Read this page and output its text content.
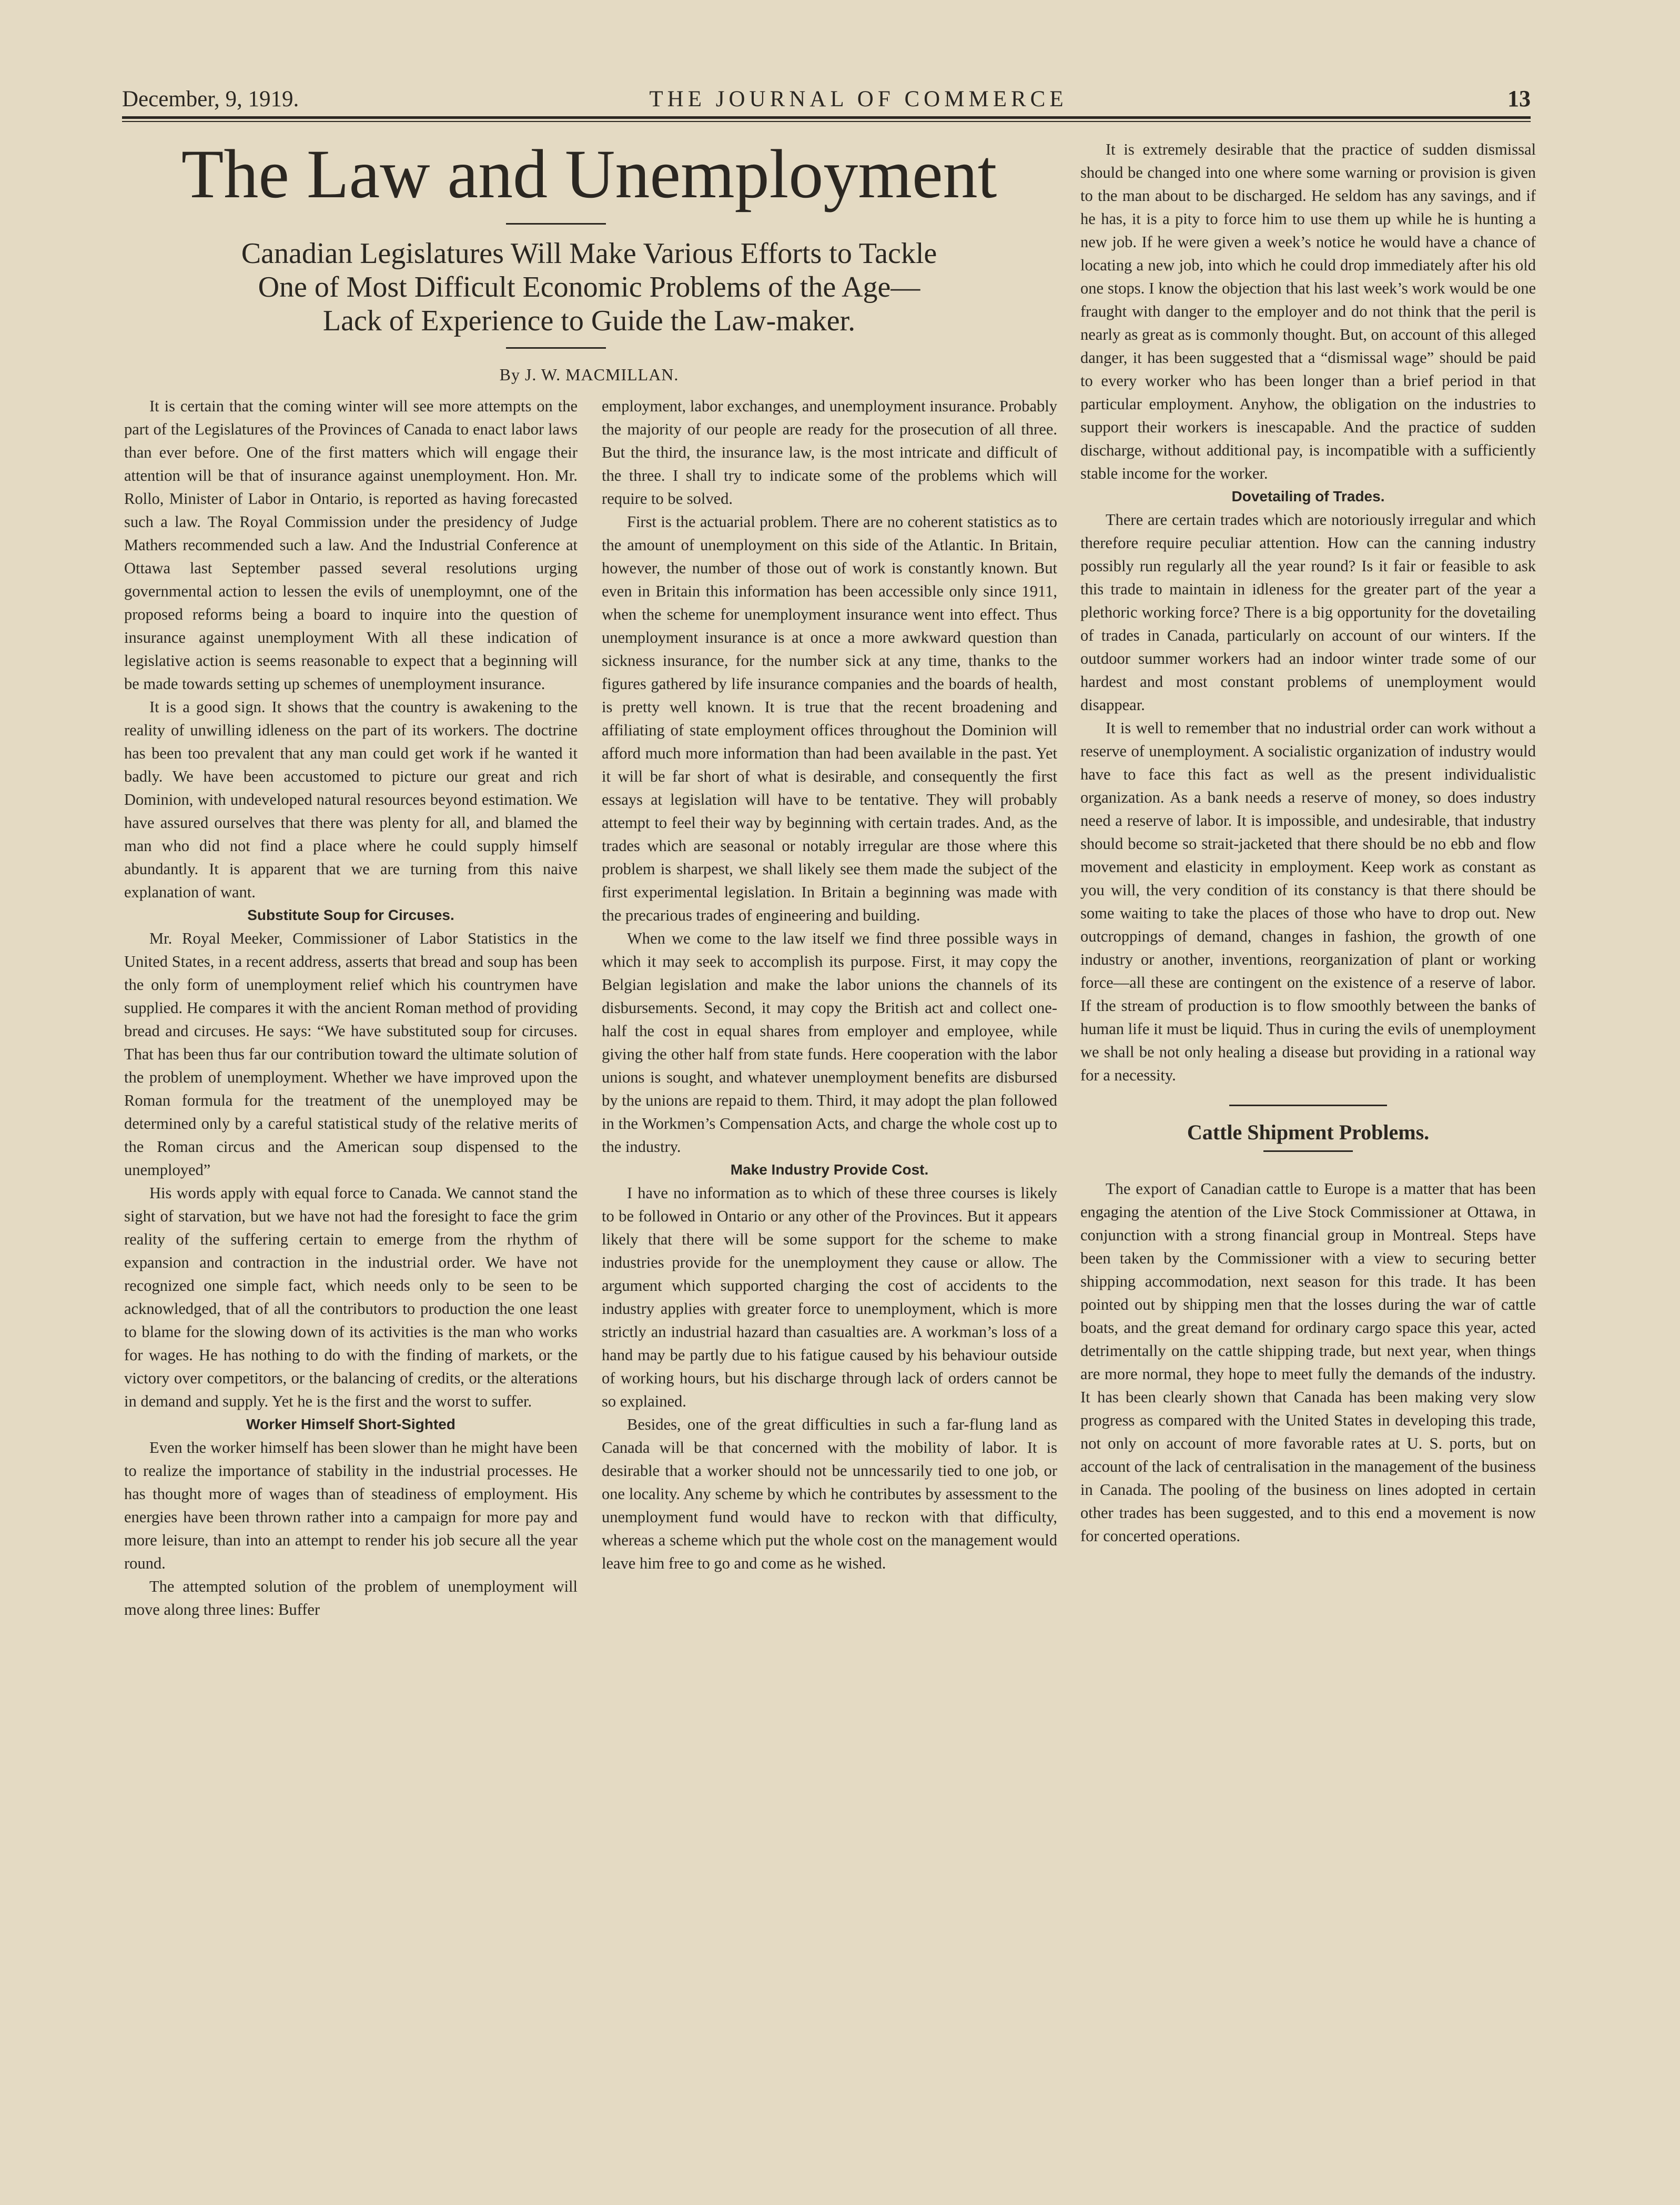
December, 9, 1919.	THE JOURNAL OF COMMERCE	13
The Law and Unemployment
Canadian Legislatures Will Make Various Efforts to Tackle
One of Most Difficult Economic Problems of the Age—
Lack of Experience to Guide the Law-maker.
By J. W. MACMILLAN.

It is certain that the coming winter will see more attempts on the part of the Legislatures of the Provinces of Canada to enact labor laws than ever before. One of the first matters which will engage their attention will be that of insurance against unemployment. Hon. Mr. Rollo, Minister of Labor in Ontario, is reported as having forecasted such a law. The Royal Commission under the presidency of Judge Mathers recommended such a law. And the Industrial Conference at Ottawa last September passed several resolutions urging governmental action to lessen the evils of unemploymnt, one of the proposed reforms being a board to inquire into the question of insurance against unemployment With all these indication of legislative action is seems reasonable to expect that a beginning will be made towards setting up schemes of unemployment insurance.

It is a good sign. It shows that the country is awakening to the reality of unwilling idleness on the part of its workers. The doctrine has been too prevalent that any man could get work if he wanted it badly. We have been accustomed to picture our great and rich Dominion, with undeveloped natural resources beyond estimation. We have assured ourselves that there was plenty for all, and blamed the man who did not find a place where he could supply himself abundantly. It is apparent that we are turning from this naive explanation of want.

Substitute Soup for Circuses.

Mr. Royal Meeker, Commissioner of Labor Statistics in the United States, in a recent address, asserts that bread and soup has been the only form of unemployment relief which his countrymen have supplied. He compares it with the ancient Roman method of providing bread and circuses. He says: “We have substituted soup for circuses. That has been thus far our contribution toward the ultimate solution of the problem of unemployment. Whether we have improved upon the Roman formula for the treatment of the unemployed may be determined only by a careful statistical study of the relative merits of the Roman circus and the American soup dispensed to the unemployed”

His words apply with equal force to Canada. We cannot stand the sight of starvation, but we have not had the foresight to face the grim reality of the suffering certain to emerge from the rhythm of expansion and contraction in the industrial order. We have not recognized one simple fact, which needs only to be seen to be acknowledged, that of all the contributors to production the one least to blame for the slowing down of its activities is the man who works for wages. He has nothing to do with the finding of markets, or the victory over competitors, or the balancing of credits, or the alterations in demand and supply. Yet he is the first and the worst to suffer.

Worker Himself Short-Sighted

Even the worker himself has been slower than he might have been to realize the importance of stability in the industrial processes. He has thought more of wages than of steadiness of employment. His energies have been thrown rather into a campaign for more pay and more leisure, than into an attempt to render his job secure all the year round.

The attempted solution of the problem of unemployment will move along three lines: Buffer

employment, labor exchanges, and unemployment insurance. Probably the majority of our people are ready for the prosecution of all three. But the third, the insurance law, is the most intricate and difficult of the three. I shall try to indicate some of the problems which will require to be solved.

First is the actuarial problem. There are no coherent statistics as to the amount of unemployment on this side of the Atlantic. In Britain, however, the number of those out of work is constantly known. But even in Britain this information has been accessible only since 1911, when the scheme for unemployment insurance went into effect. Thus unemployment insurance is at once a more awkward question than sickness insurance, for the number sick at any time, thanks to the figures gathered by life insurance companies and the boards of health, is pretty well known. It is true that the recent broadening and affiliating of state employment offices throughout the Dominion will afford much more information than had been available in the past. Yet it will be far short of what is desirable, and consequently the first essays at legislation will have to be tentative. They will probably attempt to feel their way by beginning with certain trades. And, as the trades which are seasonal or notably irregular are those where this problem is sharpest, we shall likely see them made the subject of the first experimental legislation. In Britain a beginning was made with the precarious trades of engineering and building.

When we come to the law itself we find three possible ways in which it may seek to accomplish its purpose. First, it may copy the Belgian legislation and make the labor unions the channels of its disbursements. Second, it may copy the British act and collect one-half the cost in equal shares from employer and employee, while giving the other half from state funds. Here cooperation with the labor unions is sought, and whatever unemployment benefits are disbursed by the unions are repaid to them. Third, it may adopt the plan followed in the Workmen’s Compensation Acts, and charge the whole cost up to the industry.

Make Industry Provide Cost.

I have no information as to which of these three courses is likely to be followed in Ontario or any other of the Provinces. But it appears likely that there will be some support for the scheme to make industries provide for the unemployment they cause or allow. The argument which supported charging the cost of accidents to the industry applies with greater force to unemployment, which is more strictly an industrial hazard than casualties are. A workman’s loss of a hand may be partly due to his fatigue caused by his behaviour outside of working hours, but his discharge through lack of orders cannot be so explained.

Besides, one of the great difficulties in such a far-flung land as Canada will be that concerned with the mobility of labor. It is desirable that a worker should not be unncessarily tied to one job, or one locality. Any scheme by which he contributes by assessment to the unemployment fund would have to reckon with that difficulty, whereas a scheme which put the whole cost on the management would leave him free to go and come as he wished.

It is extremely desirable that the practice of sudden dismissal should be changed into one where some warning or provision is given to the man about to be discharged. He seldom has any savings, and if he has, it is a pity to force him to use them up while he is hunting a new job. If he were given a week’s notice he would have a chance of locating a new job, into which he could drop immediately after his old one stops. I know the objection that his last week’s work would be one fraught with danger to the employer and do not think that the peril is nearly as great as is commonly thought. But, on account of this alleged danger, it has been suggested that a “dismissal wage” should be paid to every worker who has been longer than a brief period in that particular employment. Anyhow, the obligation on the industries to support their workers is inescapable. And the practice of sudden discharge, without additional pay, is incompatible with a sufficiently stable income for the worker.

Dovetailing of Trades.

There are certain trades which are notoriously irregular and which therefore require peculiar attention. How can the canning industry possibly run regularly all the year round? Is it fair or feasible to ask this trade to maintain in idleness for the greater part of the year a plethoric working force? There is a big opportunity for the dovetailing of trades in Canada, particularly on account of our winters. If the outdoor summer workers had an indoor winter trade some of our hardest and most constant problems of unemployment would disappear.

It is well to remember that no industrial order can work without a reserve of unemployment. A socialistic organization of industry would have to face this fact as well as the present individualistic organization. As a bank needs a reserve of money, so does industry need a reserve of labor. It is impossible, and undesirable, that industry should become so strait-jacketed that there should be no ebb and flow movement and elasticity in employment. Keep work as constant as you will, the very condition of its constancy is that there should be some waiting to take the places of those who have to drop out. New outcroppings of demand, changes in fashion, the growth of one industry or another, inventions, reorganization of plant or working force—all these are contingent on the existence of a reserve of labor. If the stream of production is to flow smoothly between the banks of human life it must be liquid. Thus in curing the evils of unemployment we shall be not only healing a disease but providing in a rational way for a necessity.

Cattle Shipment Problems.

The export of Canadian cattle to Europe is a matter that has been engaging the atention of the Live Stock Commissioner at Ottawa, in conjunction with a strong financial group in Montreal. Steps have been taken by the Commissioner with a view to securing better shipping accommodation, next season for this trade. It has been pointed out by shipping men that the losses during the war of cattle boats, and the great demand for ordinary cargo space this year, acted detrimentally on the cattle shipping trade, but next year, when things are more normal, they hope to meet fully the demands of the industry. It has been clearly shown that Canada has been making very slow progress as compared with the United States in developing this trade, not only on account of more favorable rates at U. S. ports, but on account of the lack of centralisation in the management of the business in Canada. The pooling of the business on lines adopted in certain other trades has been suggested, and to this end a movement is now for concerted operations.
